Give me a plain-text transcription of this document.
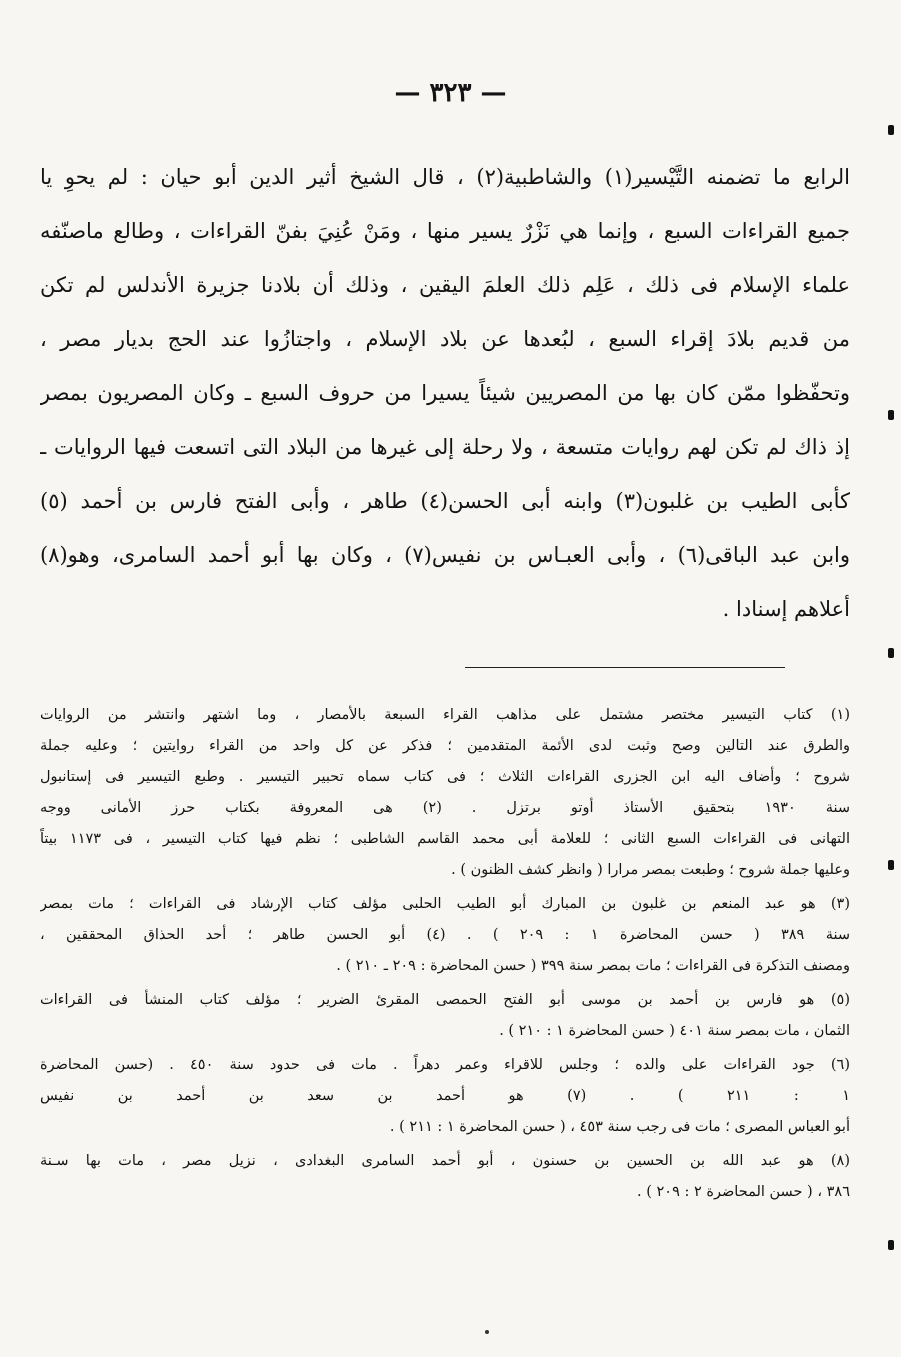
— ٣٢٣ —
الرابع ما تضمنه التَّيْسير(١) والشاطبية(٢) ، قال الشيخ أثير الدين أبو حيان : لم يحوِ يا
جميع القراءات السبع ، وإنما هي نَزْرٌ يسير منها ، ومَنْ عُنِيَ بفنّ القراءات ، وطالع ماصنّفه
علماء الإسلام فى ذلك ، عَلِم ذلك العلمَ اليقين ، وذلك أن بلادنا جزيرة الأندلس لم تكن
من قديم بلادَ إقراء السبع ، لبُعدها عن بلاد الإسلام ، واجتازُوا عند الحج بديار مصر ،
وتحفّظوا ممّن كان بها من المصريين شيئاً يسيرا من حروف السبع ـ وكان المصريون بمصر
إذ ذاك لم تكن لهم روايات متسعة ، ولا رحلة إلى غيرها من البلاد التى اتسعت فيها الروايات ـ
كأبى الطيب بن غلبون(٣) وابنه أبى الحسن(٤) طاهر ، وأبى الفتح فارس بن أحمد (٥)
وابن عبد الباقى(٦) ، وأبى العبـاس بن نفيس(٧) ، وكان بها أبو أحمد السامرى، وهو(٨)
أعلاهم إسنادا .
(١) كتاب التيسير مختصر مشتمل على مذاهب القراء السبعة بالأمصار ، وما اشتهر وانتشر من الروايات
والطرق عند التالين وصح وثبت لدى الأئمة المتقدمين ؛ فذكر عن كل واحد من القراء روايتين ؛ وعليه جملة
شروح ؛ وأضاف اليه ابن الجزرى القراءات الثلاث ؛ فى كتاب سماه تحبير التيسير . وطبع التيسير فى إستانبول
سنة ١٩٣٠ بتحقيق الأستاذ أوتو برتزل . (٢) هى المعروفة بكتاب حرز الأمانى ووجه
التهانى فى القراءات السبع الثانى ؛ للعلامة أبى محمد القاسم الشاطبى ؛ نظم فيها كتاب التيسير ، فى ١١٧٣ بيتاً
وعليها جملة شروح ؛ وطبعت بمصر مرارا ( وانظر كشف الظنون ) .
(٣) هو عبد المنعم بن غلبون بن المبارك أبو الطيب الحلبى مؤلف كتاب الإرشاد فى القراءات ؛ مات بمصر
سنة ٣٨٩ ( حسن المحاضرة ١ : ٢٠٩ ) . (٤) أبو الحسن طاهر ؛ أحد الحذاق المحققين ،
ومصنف التذكرة فى القراءات ؛ مات بمصر سنة ٣٩٩ ( حسن المحاضرة : ٢٠٩ ـ ٢١٠ ) .
(٥) هو فارس بن أحمد بن موسى أبو الفتح الحمصى المقرئ الضرير ؛ مؤلف كتاب المنشأ فى القراءات
الثمان ، مات بمصر سنة ٤٠١ ( حسن المحاضرة ١ : ٢١٠ ) .
(٦) جود القراءات على والده ؛ وجلس للاقراء وعمر دهراً . مات فى حدود سنة ٤٥٠ . (حسن المحاضرة
١ : ٢١١ ) . (٧) هو أحمد بن سعد بن أحمد بن نفيس
أبو العباس المصرى ؛ مات فى رجب سنة ٤٥٣ ، ( حسن المحاضرة ١ : ٢١١ ) .
(٨) هو عبد الله بن الحسين بن حسنون ، أبو أحمد السامرى البغدادى ، نزيل مصر ، مات بها سـنة
٣٨٦ ، ( حسن المحاضرة ٢ : ٢٠٩ ) .
